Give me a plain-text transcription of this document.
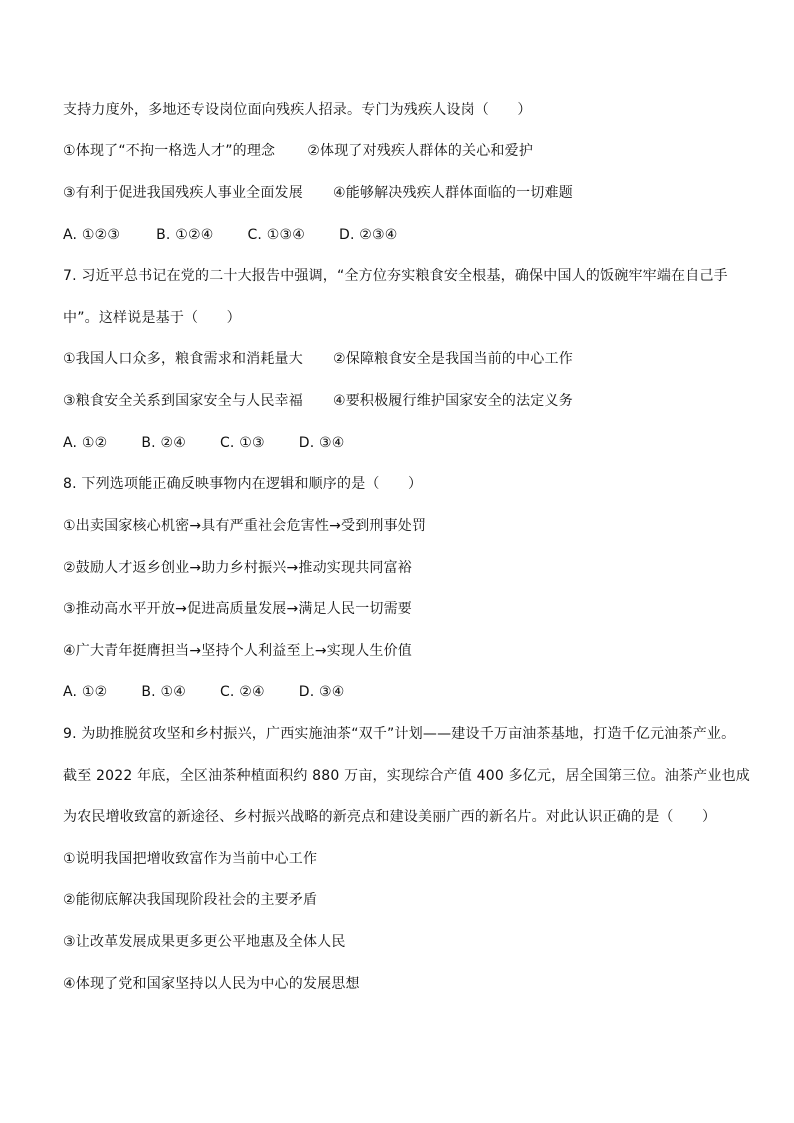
支持力度外，多地还专设岗位面向残疾人招录。专门为残疾人设岗（　　）
①体现了“不拘一格选人才”的理念 ②体现了对残疾人群体的关心和爱护
③有利于促进我国残疾人事业全面发展 ④能够解决残疾人群体面临的一切难题
A. ①②③	B. ①②④ C. ①③④ D. ②③④
7. 习近平总书记在党的二十大报告中强调，“全方位夯实粮食安全根基，确保中国人的饭碗牢牢端在自己手
中”。这样说是基于（　　）
①我国人口众多，粮食需求和消耗量大 ②保障粮食安全是我国当前的中心工作
③粮食安全关系到国家安全与人民幸福 ④要积极履行维护国家安全的法定义务
A. ①② B. ②④ C. ①③ D. ③④
8. 下列选项能正确反映事物内在逻辑和顺序的是（　　）
①出卖国家核心机密→具有严重社会危害性→受到刑事处罚
②鼓励人才返乡创业→助力乡村振兴→推动实现共同富裕
③推动高水平开放→促进高质量发展→满足人民一切需要
④广大青年挺膺担当→坚持个人利益至上→实现人生价值
A. ①② B. ①④ C. ②④ D. ③④
9. 为助推脱贫攻坚和乡村振兴，广西实施油茶“双千”计划——建设千万亩油茶基地，打造千亿元油茶产业。
截至 2022 年底，全区油茶种植面积约 880 万亩，实现综合产值 400 多亿元，居全国第三位。油茶产业也成
为农民增收致富的新途径、乡村振兴战略的新亮点和建设美丽广西的新名片。对此认识正确的是（　　）
①说明我国把增收致富作为当前中心工作
②能彻底解决我国现阶段社会的主要矛盾
③让改革发展成果更多更公平地惠及全体人民
④体现了党和国家坚持以人民为中心的发展思想
